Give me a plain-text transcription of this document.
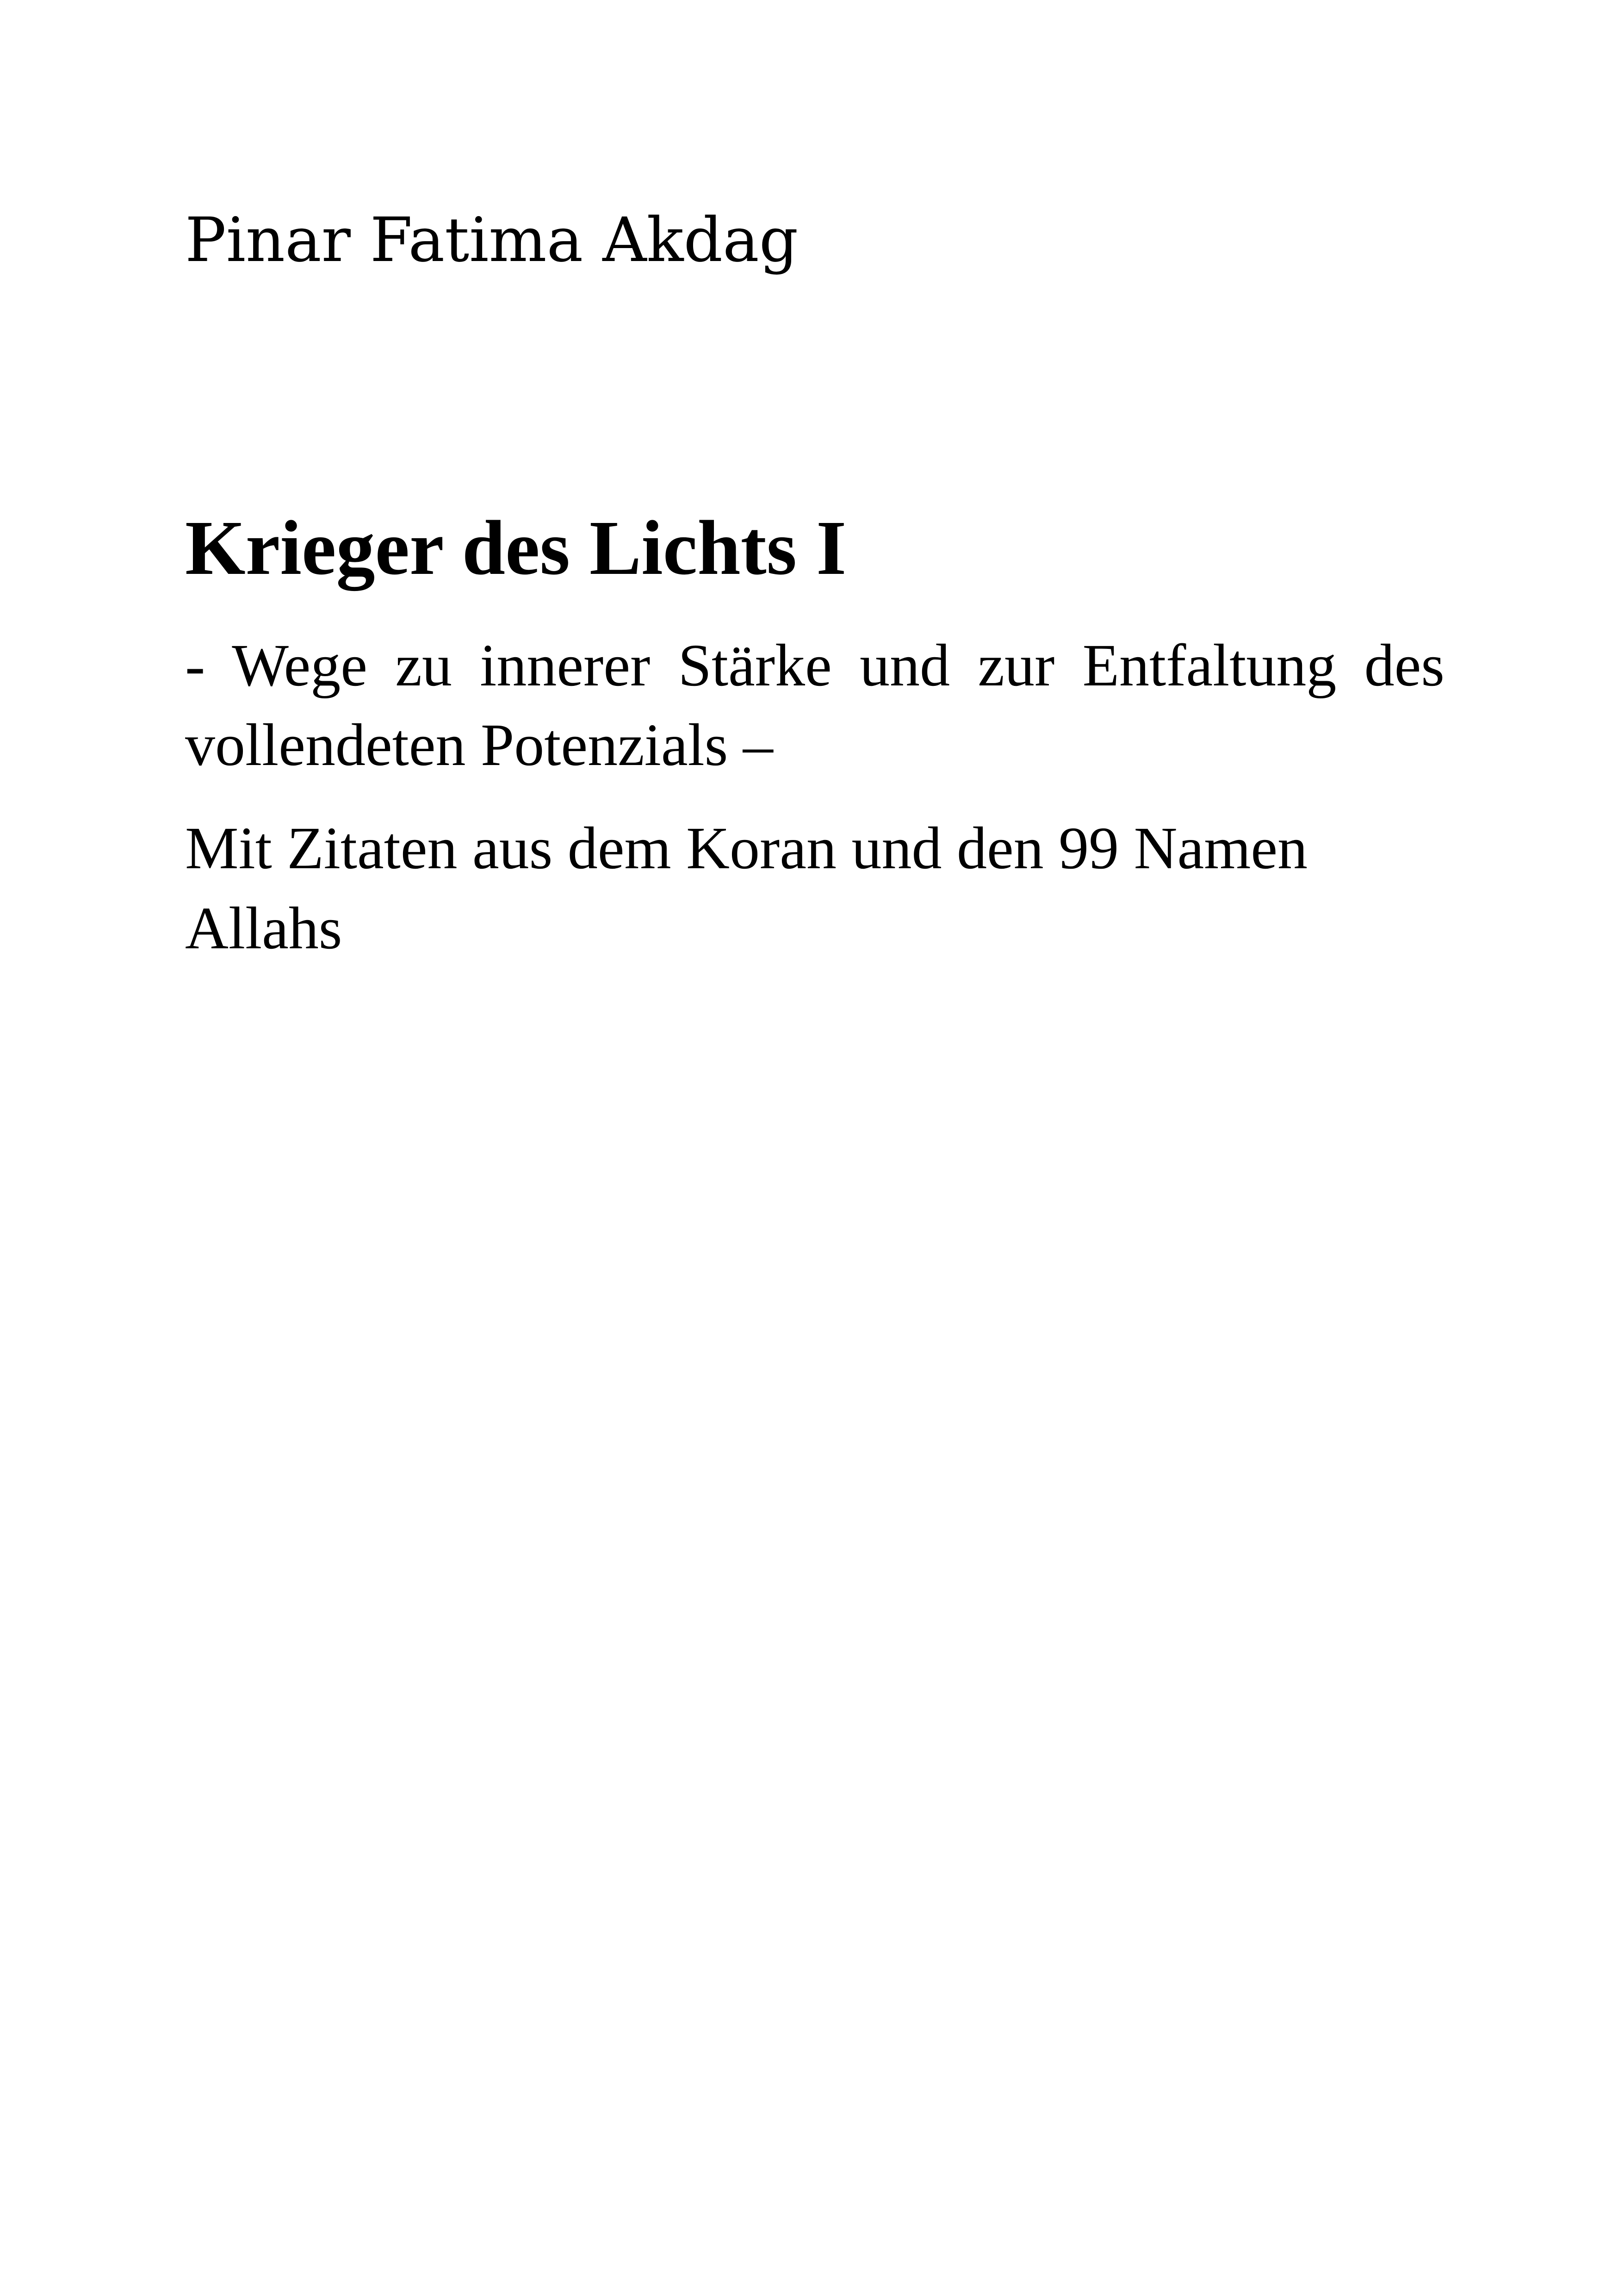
Pinar Fatima Akdag

Krieger des Lichts I

- Wege zu innerer Stärke und zur Entfaltung des vollendeten Potenzials –

Mit Zitaten aus dem Koran und den 99 Namen Allahs
